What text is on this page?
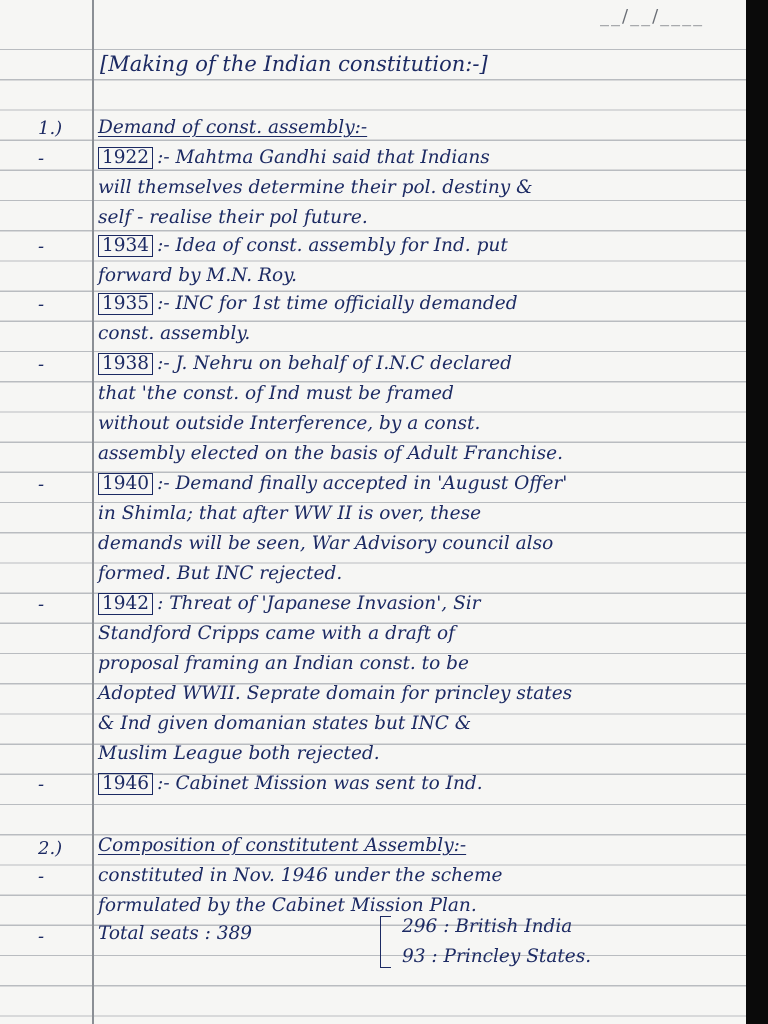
__/__/____
[Making of the Indian constitution:-]
1.) Demand of const. assembly:-
-	1922 :- Mahtma Gandhi said that Indians
will themselves determine their pol. destiny &
self - realise their pol future.
-	1934 :- Idea of const. assembly for Ind. put
forward by M.N. Roy.
-	1935 :- INC for 1st time officially demanded
const. assembly.
-	1938 :- J. Nehru on behalf of I.N.C declared
that 'the const. of Ind must be framed
without outside Interference, by a const.
assembly elected on the basis of Adult Franchise.
-	1940 :- Demand finally accepted in 'August Offer'
in Shimla; that after WW II is over, these
demands will be seen, War Advisory council also
formed. But INC rejected.
-	1942 : Threat of 'Japanese Invasion', Sir
Standford Cripps came with a draft of
proposal framing an Indian const. to be
Adopted WWII. Seprate domain for princley states
& Ind given domanian states but INC &
Muslim League both rejected.
-	1946 :- Cabinet Mission was sent to Ind.
2.) Composition of constitutent Assembly:-
-	constituted in Nov. 1946 under the scheme
formulated by the Cabinet Mission Plan.
-	Total seats : 389	296 : British India
93 : Princley States.
